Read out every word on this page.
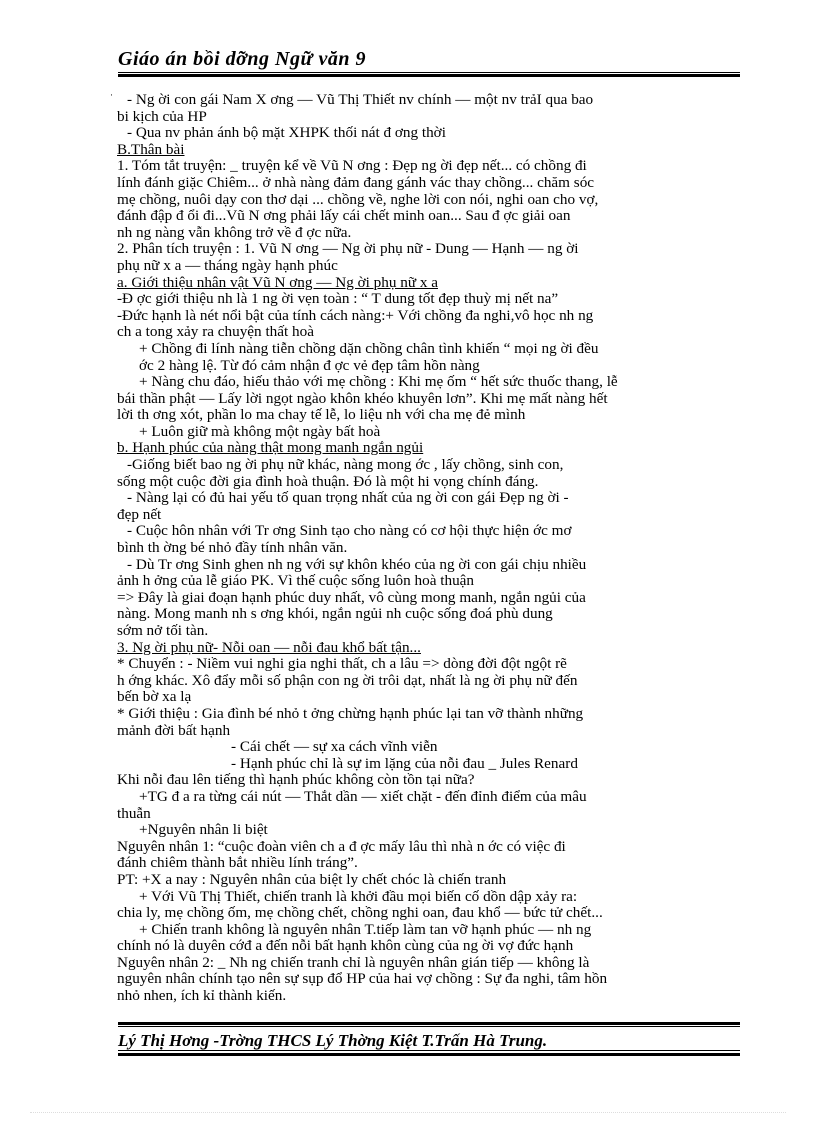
Giáo án bồi dỡng Ngữ văn 9
· - Ng ời con gái Nam X ơng — Vũ Thị Thiết nv chính — một nv trảI qua bao

bi kịch của HP

- Qua nv phản ánh bộ mặt XHPK thối nát đ ơng thời

B.Thân bài

1. Tóm tắt truyện: _ truyện kể về Vũ N ơng : Đẹp ng ời đẹp nết... có chồng đi

lính đánh giặc Chiêm... ở nhà nàng đảm đang gánh vác thay chồng... chăm sóc

mẹ chồng, nuôi dạy con thơ dại ... chồng về, nghe lời con nói, nghi oan cho vợ,

đánh đập đ ổi đi...Vũ N ơng phải lấy cái chết minh oan... Sau đ ợc giải oan

nh ng nàng vẫn không trở về đ ợc nữa.

2. Phân tích truyện : 1. Vũ N ơng — Ng ời phụ nữ - Dung — Hạnh — ng ời

phụ nữ x a — tháng ngày hạnh phúc

a. Giới thiệu nhân vật Vũ N ơng — Ng ời phụ nữ x a

-Đ ợc giới thiệu nh là 1 ng ời vẹn toàn : “ T dung tốt đẹp thuỳ mị nết na”

-Đức hạnh là nét nổi bật của tính cách nàng:+ Với chồng đa nghi,vô học nh ng

ch a tong xảy ra chuyện thất hoà

+ Chồng đi lính nàng tiễn chồng dặn chồng chân tình khiến “ mọi ng ời đều

ớc 2 hàng lệ. Từ đó cảm nhận đ ợc vẻ đẹp tâm hồn nàng

+ Nàng chu đáo, hiếu thảo với mẹ chồng : Khi mẹ ốm “ hết sức thuốc thang, lễ

bái thần phật — Lấy lời ngọt ngào khôn khéo khuyên lơn”. Khi mẹ mất nàng hết

lời th ơng xót, phần lo ma chay tế lễ, lo liệu nh với cha mẹ đẻ mình

+ Luôn giữ mà không một ngày bất hoà

b. Hạnh phúc của nàng thật mong manh ngắn ngủi

-Giống biết bao ng ời phụ nữ khác, nàng mong ớc , lấy chồng, sinh con,

sống một cuộc đời gia đình hoà thuận. Đó là một hi vọng chính đáng.

- Nàng lại có đủ hai yếu tố quan trọng nhất của ng ời con gái Đẹp ng ời -

đẹp nết

- Cuộc hôn nhân với Tr ơng Sinh tạo cho nàng có cơ hội thực hiện ớc mơ

bình th ờng bé nhỏ đầy tính nhân văn.

- Dù Tr ơng Sinh ghen nh ng với sự khôn khéo của ng ời con gái chịu nhiều

ảnh h ởng của lễ giáo PK. Vì thế cuộc sống luôn hoà thuận

=> Đây là giai đoạn hạnh phúc duy nhất, vô cùng mong manh, ngắn ngủi của

nàng. Mong manh nh s ơng khói, ngắn ngủi nh cuộc sống đoá phù dung

sớm nở tối tàn.

3. Ng ời phụ nữ- Nỗi oan — nỗi đau khổ bất tận...

* Chuyển : - Niềm vui nghi gia nghi thất, ch a lâu => dòng đời đột ngột rẽ

h ớng khác. Xô đẩy mỗi số phận con ng ời trôi dạt, nhất là ng ời phụ nữ đến

bến bờ xa lạ

* Giới thiệu : Gia đình bé nhỏ t ởng chừng hạnh phúc lại tan vỡ thành những

mảnh đời bất hạnh

- Cái chết — sự xa cách vĩnh viễn

- Hạnh phúc chỉ là sự im lặng của nỗi đau _ Jules Renard

Khi nỗi đau lên tiếng thì hạnh phúc không còn tồn tại nữa?

+TG đ a ra từng cái nút — Thắt dần — xiết chặt - đến đỉnh điểm của mâu

thuẫn

+Nguyên nhân li biệt

Nguyên nhân 1: “cuộc đoàn viên ch a đ ợc mấy lâu thì nhà n ớc có việc đi

đánh chiêm thành bắt nhiều lính tráng”.

PT: +X a nay : Nguyên nhân của biệt ly chết chóc là chiến tranh

+ Với Vũ Thị Thiết, chiến tranh là khởi đầu mọi biến cố dồn dập xảy ra:

chia ly, mẹ chồng ốm, mẹ chồng chết, chồng nghi oan, đau khổ — bức tử chết...

+ Chiến tranh không là nguyên nhân T.tiếp làm tan vỡ hạnh phúc — nh ng

chính nó là duyên cớđ a đến nỗi bất hạnh khôn cùng của ng ời vợ đức hạnh

Nguyên nhân 2: _ Nh ng chiến tranh chỉ là nguyên nhân gián tiếp — không là

nguyên nhân chính tạo nên sự sụp đổ HP của hai vợ chồng : Sự đa nghi, tâm hồn

nhỏ nhen, ích kỉ thành kiến.

Lý Thị Hơng -Trờng THCS Lý Thờng Kiệt T.Trấn Hà Trung.
